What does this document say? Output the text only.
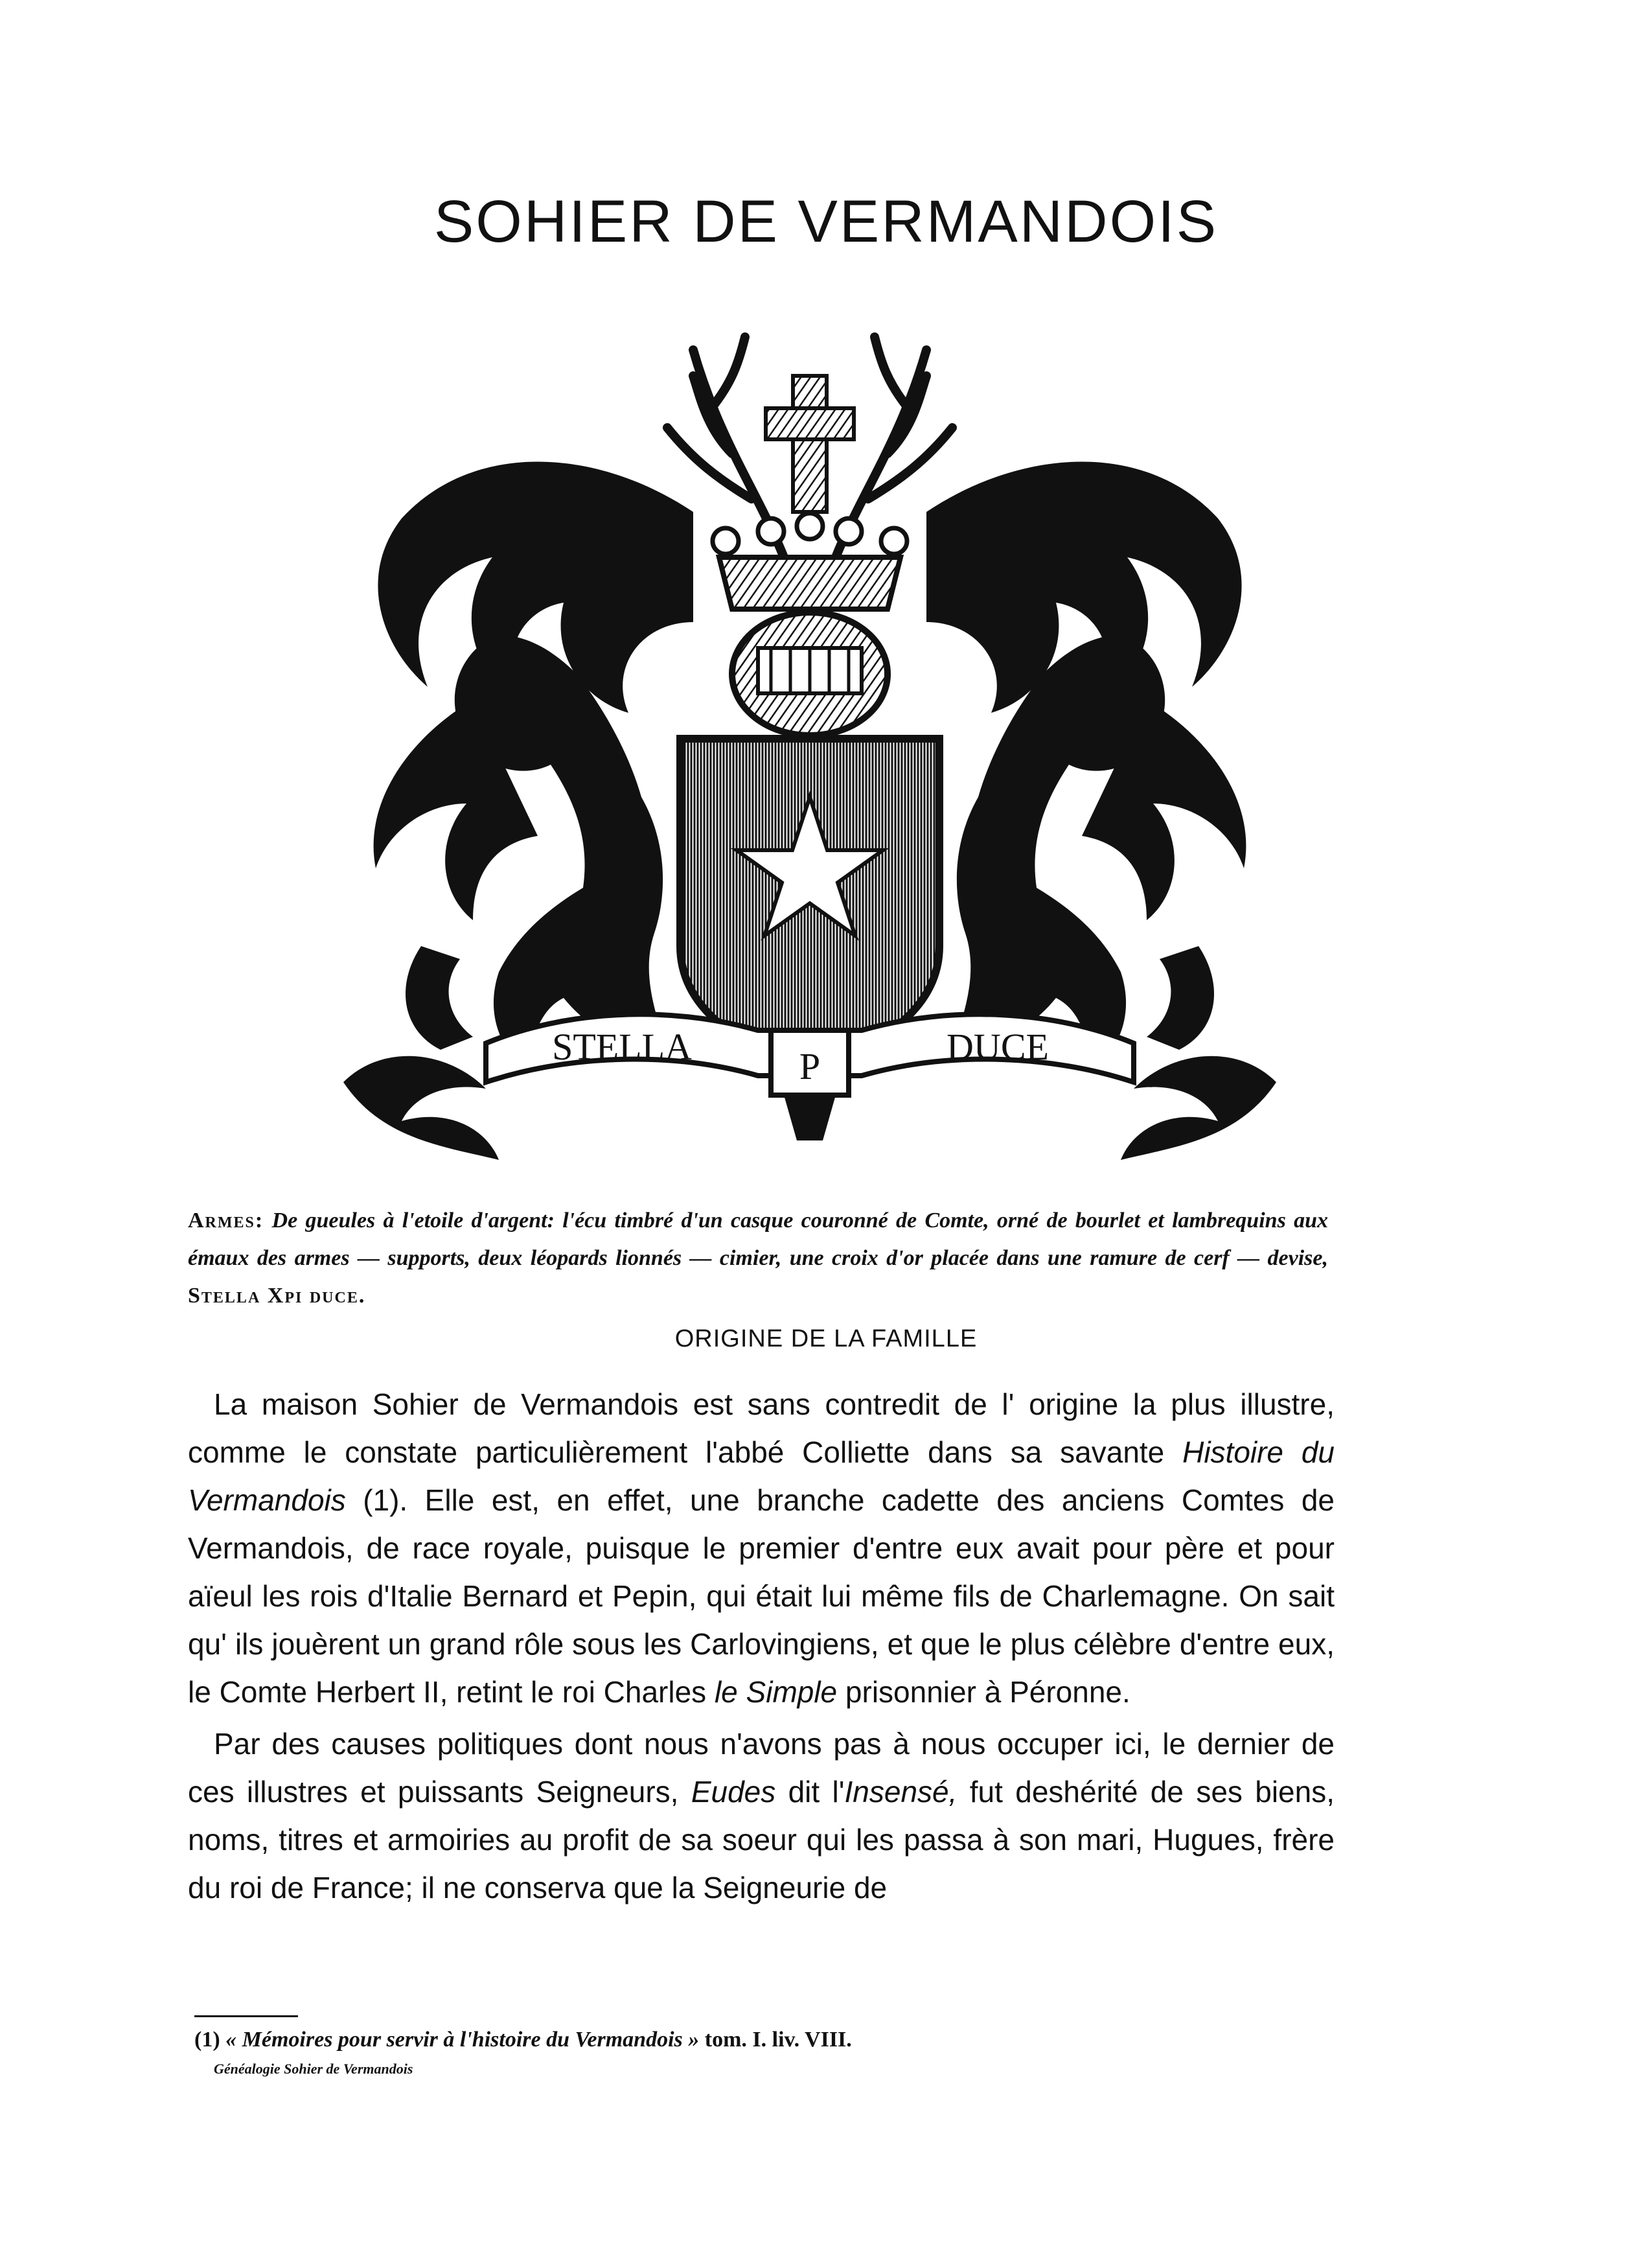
SOHIER DE VERMANDOIS
STELLA	P	DUCE

Armes: De gueules à l'etoile d'argent: l'écu timbré d'un casque couronné de Comte, orné de bourlet et lambrequins aux émaux des armes — supports, deux léopards lionnés — cimier, une croix d'or placée dans une ramure de cerf — devise, Stella Xpi duce.

ORIGINE DE LA FAMILLE

La maison Sohier de Vermandois est sans contredit de l' origine la plus illustre, comme le constate particulièrement l'abbé Colliette dans sa savante Histoire du Vermandois (1). Elle est, en effet, une branche cadette des anciens Comtes de Vermandois, de race royale, puisque le premier d'entre eux avait pour père et pour aïeul les rois d'Italie Bernard et Pepin, qui était lui même fils de Charlemagne. On sait qu' ils jouèrent un grand rôle sous les Carlovingiens, et que le plus célèbre d'entre eux, le Comte Herbert II, retint le roi Charles le Simple prisonnier à Péronne.

Par des causes politiques dont nous n'avons pas à nous occuper ici, le dernier de ces illustres et puissants Seigneurs, Eudes dit l'Insensé, fut deshérité de ses biens, noms, titres et armoiries au profit de sa soeur qui les passa à son mari, Hugues, frère du roi de France; il ne conserva que la Seigneurie de

(1) « Mémoires pour servir à l'histoire du Vermandois » tom. I. liv. VIII.

Généalogie Sohier de Vermandois
